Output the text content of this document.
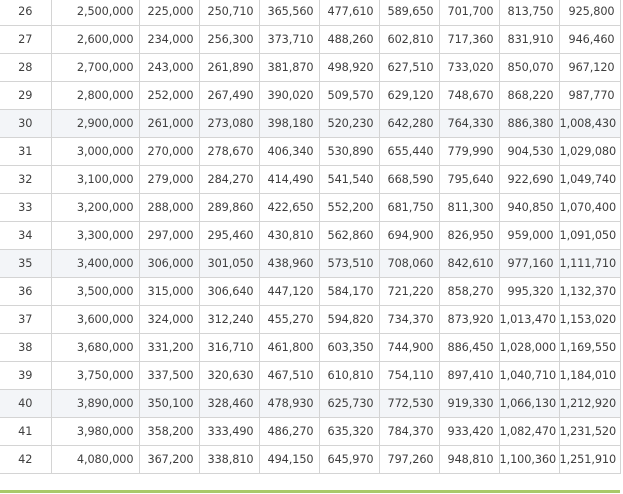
26	2,500,000	225,000	250,710	365,560	477,610	589,650	701,700	813,750	925,800
27	2,600,000	234,000	256,300	373,710	488,260	602,810	717,360	831,910	946,460
28	2,700,000	243,000	261,890	381,870	498,920	627,510	733,020	850,070	967,120
29	2,800,000	252,000	267,490	390,020	509,570	629,120	748,670	868,220	987,770
30	2,900,000	261,000	273,080	398,180	520,230	642,280	764,330	886,380	1,008,430
31	3,000,000	270,000	278,670	406,340	530,890	655,440	779,990	904,530	1,029,080
32	3,100,000	279,000	284,270	414,490	541,540	668,590	795,640	922,690	1,049,740
33	3,200,000	288,000	289,860	422,650	552,200	681,750	811,300	940,850	1,070,400
34	3,300,000	297,000	295,460	430,810	562,860	694,900	826,950	959,000	1,091,050
35	3,400,000	306,000	301,050	438,960	573,510	708,060	842,610	977,160	1,111,710
36	3,500,000	315,000	306,640	447,120	584,170	721,220	858,270	995,320	1,132,370
37	3,600,000	324,000	312,240	455,270	594,820	734,370	873,920	1,013,470	1,153,020
38	3,680,000	331,200	316,710	461,800	603,350	744,900	886,450	1,028,000	1,169,550
39	3,750,000	337,500	320,630	467,510	610,810	754,110	897,410	1,040,710	1,184,010
40	3,890,000	350,100	328,460	478,930	625,730	772,530	919,330	1,066,130	1,212,920
41	3,980,000	358,200	333,490	486,270	635,320	784,370	933,420	1,082,470	1,231,520
42	4,080,000	367,200	338,810	494,150	645,970	797,260	948,810	1,100,360	1,251,910
